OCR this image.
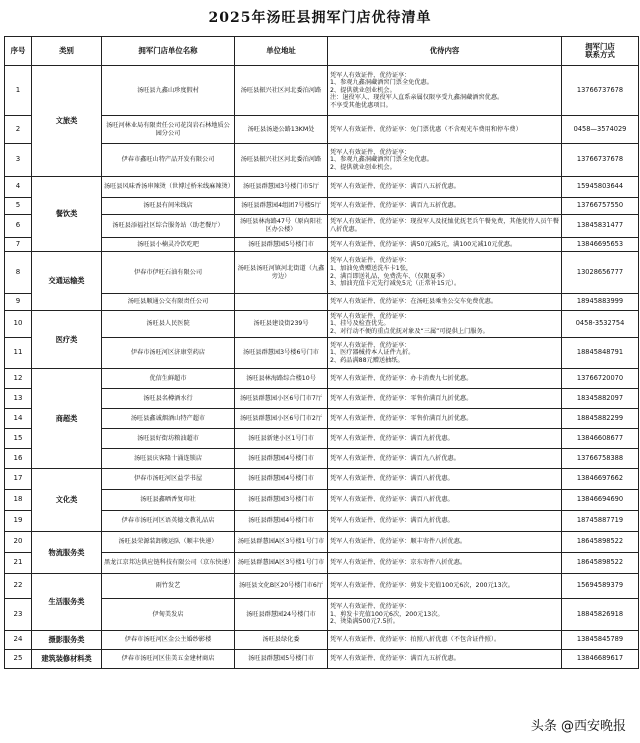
2025年汤旺县拥军门店优待清单
序号	类别	拥军门店单位名称	单位地址	优待内容	拥军门店
联系方式
1	文旅类	汤旺县九鑫山珍度假村	汤旺县振兴社区河北委泊河路	凭军人有效证件、优待证享：
1、参观九鑫洞藏酒窖门票全免优惠。
2、提供就业创业机会。
注：退役军人、现役军人直系亲属仅限享受九鑫洞藏酒窖优惠。
不享受其他优惠项目。	13766737678
2		汤旺河林业局有限责任公司花岗岩石林地质公园分公司	汤旺县汤逊公路13KM处	凭军人有效证件、优待证享：免门票优惠（不含观光车费用和停车费）	0458—3574029
3		伊春市鑫旺山特产品开发有限公司	汤旺县振兴社区河北委泊河路	凭军人有效证件、优待证享：
1、参观九鑫洞藏酒窖门票全免优惠。
2、提供就业创业机会。	13766737678
4	餐饮类	汤旺县风味香汤串辣烫（世博过桥米线麻辣烫）	汤旺县群慧园3号楼门市5厅	凭军人有效证件、优待证享：满百八五折优惠。	15945803644
5		汤旺县有间米线店	汤旺县群慧园4组团7号楼5厅	凭军人有效证件、优待证享：满百九五折优惠。	13766757550
6		汤旺县添福社区综合服务站（助老餐厅）	汤旺县林海路47号（原向阳社区办公楼）	凭军人有效证件、优待证享：现役军人及抚恤优抚老兵午餐免费，其他优待人员午餐八折优惠。	13845831477
7		汤旺县小楠灵冷饮吃吧	汤旺县群慧园5号楼门市	凭军人有效证件、优待证享：满50元减5元，满100元减10元优惠。	13846695653
8	交通运输类	伊春市伊旺石油有限公司	汤旺县汤旺河镇河北街道（九鑫旁边）	凭军人有效证件、优待证享：
1、加油免费赠送洗车卡1张，
2、满百即送礼品，免费洗车、（仅限夏季）
3、加油充值卡元先行减免5元（正常补15元）。	13028656777
9		汤旺县顺通公交有限责任公司		凭军人有效证件、优待证享：在汤旺县乘坐公交车免费优惠。	18945883999
10	医疗类	汤旺县人民医院	汤旺县建设街239号	凭军人有效证件、优待证享：
1、挂号及检查优先。
2、对行动不便的重点优抚对象及“三属”可提供上门服务。	0458-3532754
11		伊春市汤旺河区济康堂药店	汤旺县群慧园3号楼6号门市	凭军人有效证件、优待证享：
1、医疗器械持本人证件九折。
2、药品满88元赠送抽纸。	18845848791
12	商超类	优信生鲜超市	汤旺县林海路综合楼10号	凭军人有效证件、优待证享：办卡消费九七折优惠。	13766720070
13		汤旺县名樽酒水行	汤旺县群慧园小区6号门市7厅	凭军人有效证件、优待证享：零售价满百九折优惠。	18345882097
14		汤旺县鑫诚烟酒山特产超市	汤旺县群慧园小区6号门市2厅	凭军人有效证件、优待证享：零售价满百九折优惠。	18845882299
15		汤旺县好街坊粮油超市	汤旺县新建小区1号门市	凭军人有效证件、优待证享：满百九折优惠。	13846608677
16		汤旺县庆客隆十涌连锁店	汤旺县群慧园4号楼门市	凭军人有效证件、优待证享：满百九八折优惠。	13766758388
17	文化类	伊春市汤旺河区益学书屋	汤旺县群慧园4号楼门市	凭军人有效证件、优待证享：满百八折优惠。	13846697662
18		汤旺县鑫晒香复印社	汤旺县群慧园3号楼门市	凭军人有效证件、优待证享：满百八折优惠。	13846694690
19		伊春市汤旺河区语英德文教礼品店	汤旺县群慧园4号楼门市	凭军人有效证件、优待证享：满百九折优惠。	18745887719
20	物流服务类	汤旺县荣源装卸搬运队（顺丰快递）	汤旺县群慧园A区3号楼1号门市	凭军人有效证件、优待证享：顺丰寄件八折优惠。	18645898522
21		黑龙江京邦达供应链科技有限公司（京东快递）	汤旺县群慧园A区3号楼1号门市	凭军人有效证件、优待证享：京东寄件八折优惠。	18645898522
22	生活服务类	雨竹发艺	汤旺县文化B区20号楼门市6厅	凭军人有效证件、优待证享：剪发卡充值100元6次，200元13次。	15694589379
23		伊甸美发店	汤旺县群慧园24号楼门市	凭军人有效证件、优待证享：
1、剪发卡充值100元6次，200元13次。
2、烫染满500元7.5折。	18845826918
24	摄影服务类	伊春市汤旺河区金公主婚纱影楼	汤旺县绿化委	凭军人有效证件、优待证享：拍照八折优惠（不包含证件照）。	13845845789
25	建筑装修材料类	伊春市汤旺河区佳美五金建材商店	汤旺县群慧园5号楼门市	凭军人有效证件、优待证享：满百九五折优惠。	13846689617
头条 @西安晚报
